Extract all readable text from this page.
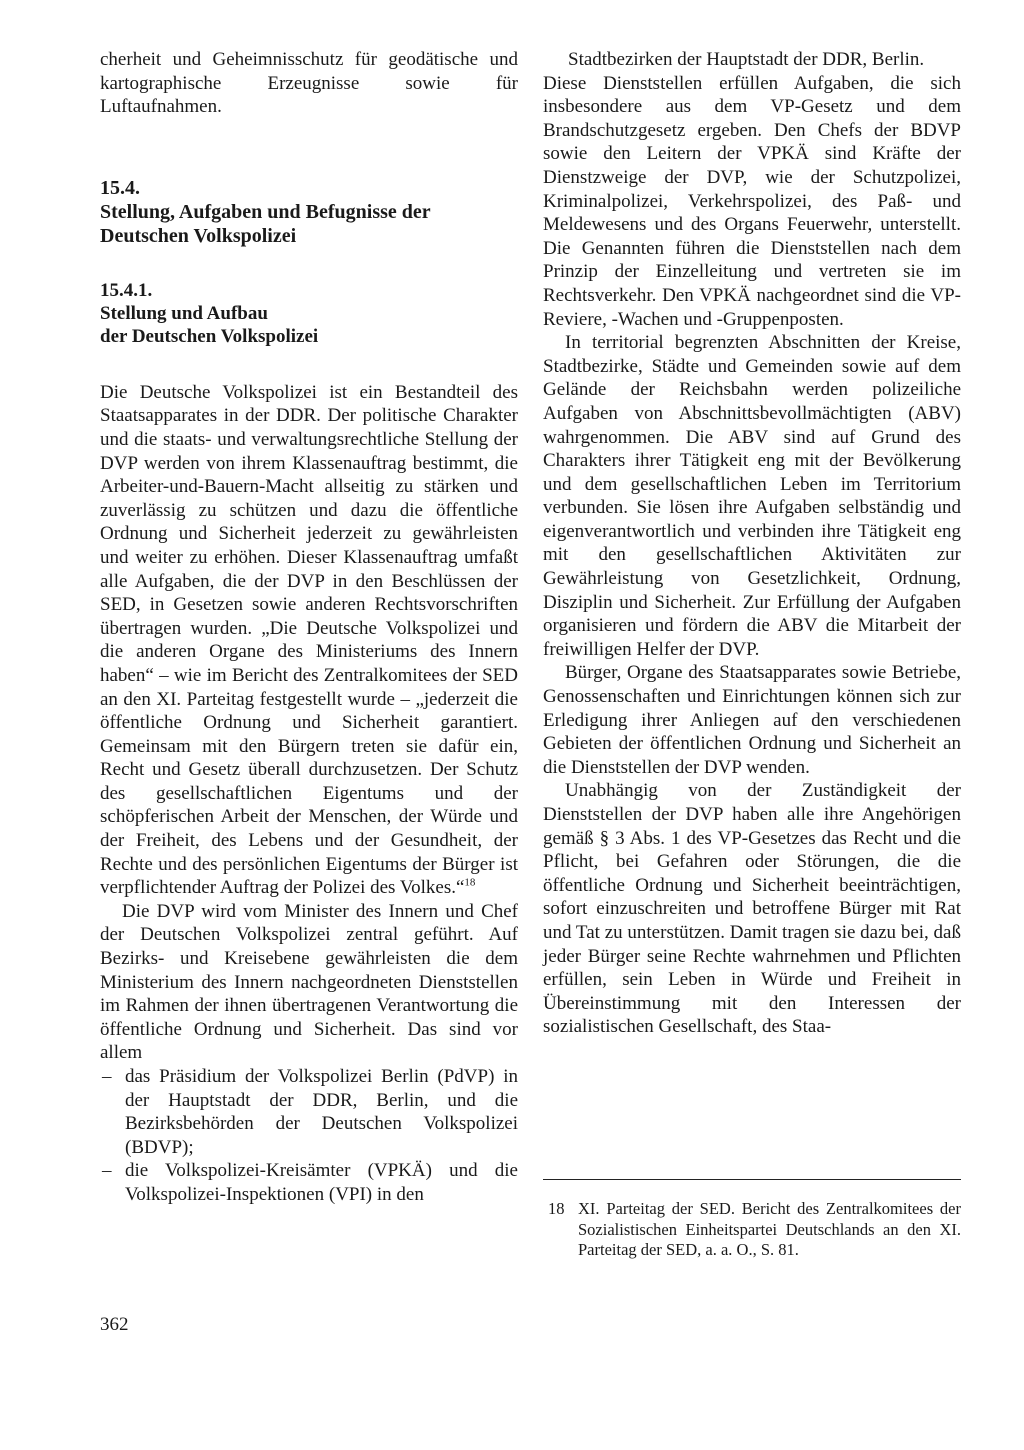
cherheit und Geheimnisschutz für geodätische und kartographische Erzeugnisse sowie für Luftaufnahmen.

15.4.
Stellung, Aufgaben und Befugnisse der Deutschen Volkspolizei
15.4.1.
Stellung und Aufbau
der Deutschen Volkspolizei

Die Deutsche Volkspolizei ist ein Bestandteil des Staatsapparates in der DDR. Der politische Charakter und die staats- und verwaltungsrechtliche Stellung der DVP werden von ihrem Klassenauftrag bestimmt, die Arbeiter-und-Bauern-Macht allseitig zu stärken und zuverlässig zu schützen und dazu die öffentliche Ordnung und Sicherheit jederzeit zu gewährleisten und weiter zu erhöhen. Dieser Klassenauftrag umfaßt alle Aufgaben, die der DVP in den Beschlüssen der SED, in Gesetzen sowie anderen Rechtsvorschriften übertragen wurden. „Die Deutsche Volkspolizei und die anderen Organe des Ministeriums des Innern haben“ – wie im Bericht des Zentralkomitees der SED an den XI. Parteitag festgestellt wurde – „jederzeit die öffentliche Ordnung und Sicherheit garantiert. Gemeinsam mit den Bürgern treten sie dafür ein, Recht und Gesetz überall durchzusetzen. Der Schutz des gesellschaftlichen Eigentums und der schöpferischen Arbeit der Menschen, der Würde und der Freiheit, des Lebens und der Gesundheit, der Rechte und des persönlichen Eigentums der Bürger ist verpflichtender Auftrag der Polizei des Volkes.“$^{18}$

Die DVP wird vom Minister des Innern und Chef der Deutschen Volkspolizei zentral geführt. Auf Bezirks- und Kreisebene gewährleisten die dem Ministerium des Innern nachgeordneten Dienststellen im Rahmen der ihnen übertragenen Verantwortung die öffentliche Ordnung und Sicherheit. Das sind vor allem

– das Präsidium der Volkspolizei Berlin (PdVP) in der Hauptstadt der DDR, Berlin, und die Bezirksbehörden der Deutschen Volkspolizei (BDVP);
– die Volkspolizei-Kreisämter (VPKÄ) und die Volkspolizei-Inspektionen (VPI) in den

Stadtbezirken der Hauptstadt der DDR, Berlin.

Diese Dienststellen erfüllen Aufgaben, die sich insbesondere aus dem VP-Gesetz und dem Brandschutzgesetz ergeben. Den Chefs der BDVP sowie den Leitern der VPKÄ sind Kräfte der Dienstzweige der DVP, wie der Schutzpolizei, Kriminalpolizei, Verkehrspolizei, des Paß- und Meldewesens und des Organs Feuerwehr, unterstellt. Die Genannten führen die Dienststellen nach dem Prinzip der Einzelleitung und vertreten sie im Rechtsverkehr. Den VPKÄ nachgeordnet sind die VP-Reviere, -Wachen und -Gruppenposten.

In territorial begrenzten Abschnitten der Kreise, Stadtbezirke, Städte und Gemeinden sowie auf dem Gelände der Reichsbahn werden polizeiliche Aufgaben von Abschnittsbevollmächtigten (ABV) wahrgenommen. Die ABV sind auf Grund des Charakters ihrer Tätigkeit eng mit der Bevölkerung und dem gesellschaftlichen Leben im Territorium verbunden. Sie lösen ihre Aufgaben selbständig und eigenverantwortlich und verbinden ihre Tätigkeit eng mit den gesellschaftlichen Aktivitäten zur Gewährleistung von Gesetzlichkeit, Ordnung, Disziplin und Sicherheit. Zur Erfüllung der Aufgaben organisieren und fördern die ABV die Mitarbeit der freiwilligen Helfer der DVP.

Bürger, Organe des Staatsapparates sowie Betriebe, Genossenschaften und Einrichtungen können sich zur Erledigung ihrer Anliegen auf den verschiedenen Gebieten der öffentlichen Ordnung und Sicherheit an die Dienststellen der DVP wenden.

Unabhängig von der Zuständigkeit der Dienststellen der DVP haben alle ihre Angehörigen gemäß § 3 Abs. 1 des VP-Gesetzes das Recht und die Pflicht, bei Gefahren oder Störungen, die die öffentliche Ordnung und Sicherheit beeinträchtigen, sofort einzuschreiten und betroffene Bürger mit Rat und Tat zu unterstützen. Damit tragen sie dazu bei, daß jeder Bürger seine Rechte wahrnehmen und Pflichten erfüllen, sein Leben in Würde und Freiheit in Übereinstimmung mit den Interessen der sozialistischen Gesellschaft, des Staa-

18 XI. Parteitag der SED. Bericht des Zentralkomitees der Sozialistischen Einheitspartei Deutschlands an den XI. Parteitag der SED, a. a. O., S. 81.
362
